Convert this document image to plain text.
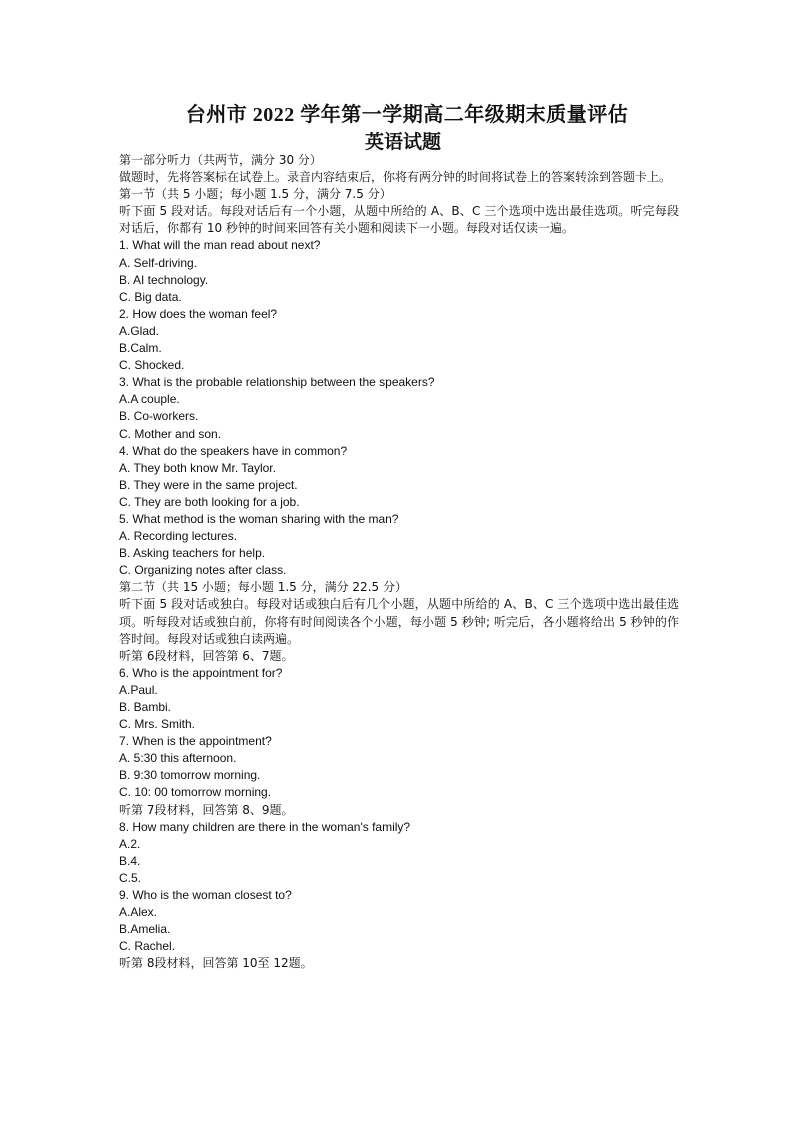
台州市 2022 学年第一学期高二年级期末质量评估
英语试题
第一部分听力（共两节，满分 30 分）
做题时，先将答案标在试卷上。录音内容结束后，你将有两分钟的时间将试卷上的答案转涂到答题卡上。
第一节（共 5 小题；每小题 1.5 分，满分 7.5 分）
听下面 5 段对话。每段对话后有一个小题，从题中所给的 A、B、C 三个选项中选出最佳选项。听完每段对话后，你都有 10 秒钟的时间来回答有关小题和阅读下一小题。每段对话仅读一遍。
1. What will the man read about next?
A. Self-driving.
B. AI technology.
C. Big data.
2. How does the woman feel?
A.Glad.
B.Calm.
C. Shocked.
3. What is the probable relationship between the speakers?
A.A couple.
B. Co-workers.
C. Mother and son.
4. What do the speakers have in common?
A. They both know Mr. Taylor.
B. They were in the same project.
C. They are both looking for a job.
5. What method is the woman sharing with the man?
A. Recording lectures.
B. Asking teachers for help.
C. Organizing notes after class.
第二节（共 15 小题；每小题 1.5 分，满分 22.5 分）
听下面 5 段对话或独白。每段对话或独白后有几个小题，从题中所给的 A、B、C 三个选项中选出最佳选项。听每段对话或独白前，你将有时间阅读各个小题，每小题 5 秒钟; 听完后，各小题将给出 5 秒钟的作答时间。每段对话或独白读两遍。
听第 6段材料，回答第 6、7题。
6. Who is the appointment for?
A.Paul.
B. Bambi.
C. Mrs. Smith.
7. When is the appointment?
A. 5:30 this afternoon.
B. 9:30 tomorrow morning.
C. 10: 00 tomorrow morning.
听第 7段材料，回答第 8、9题。
8. How many children are there in the woman's family?
A.2.
B.4.
C.5.
9. Who is the woman closest to?
A.Alex.
B.Amelia.
C. Rachel.
听第 8段材料，回答第 10至 12题。
